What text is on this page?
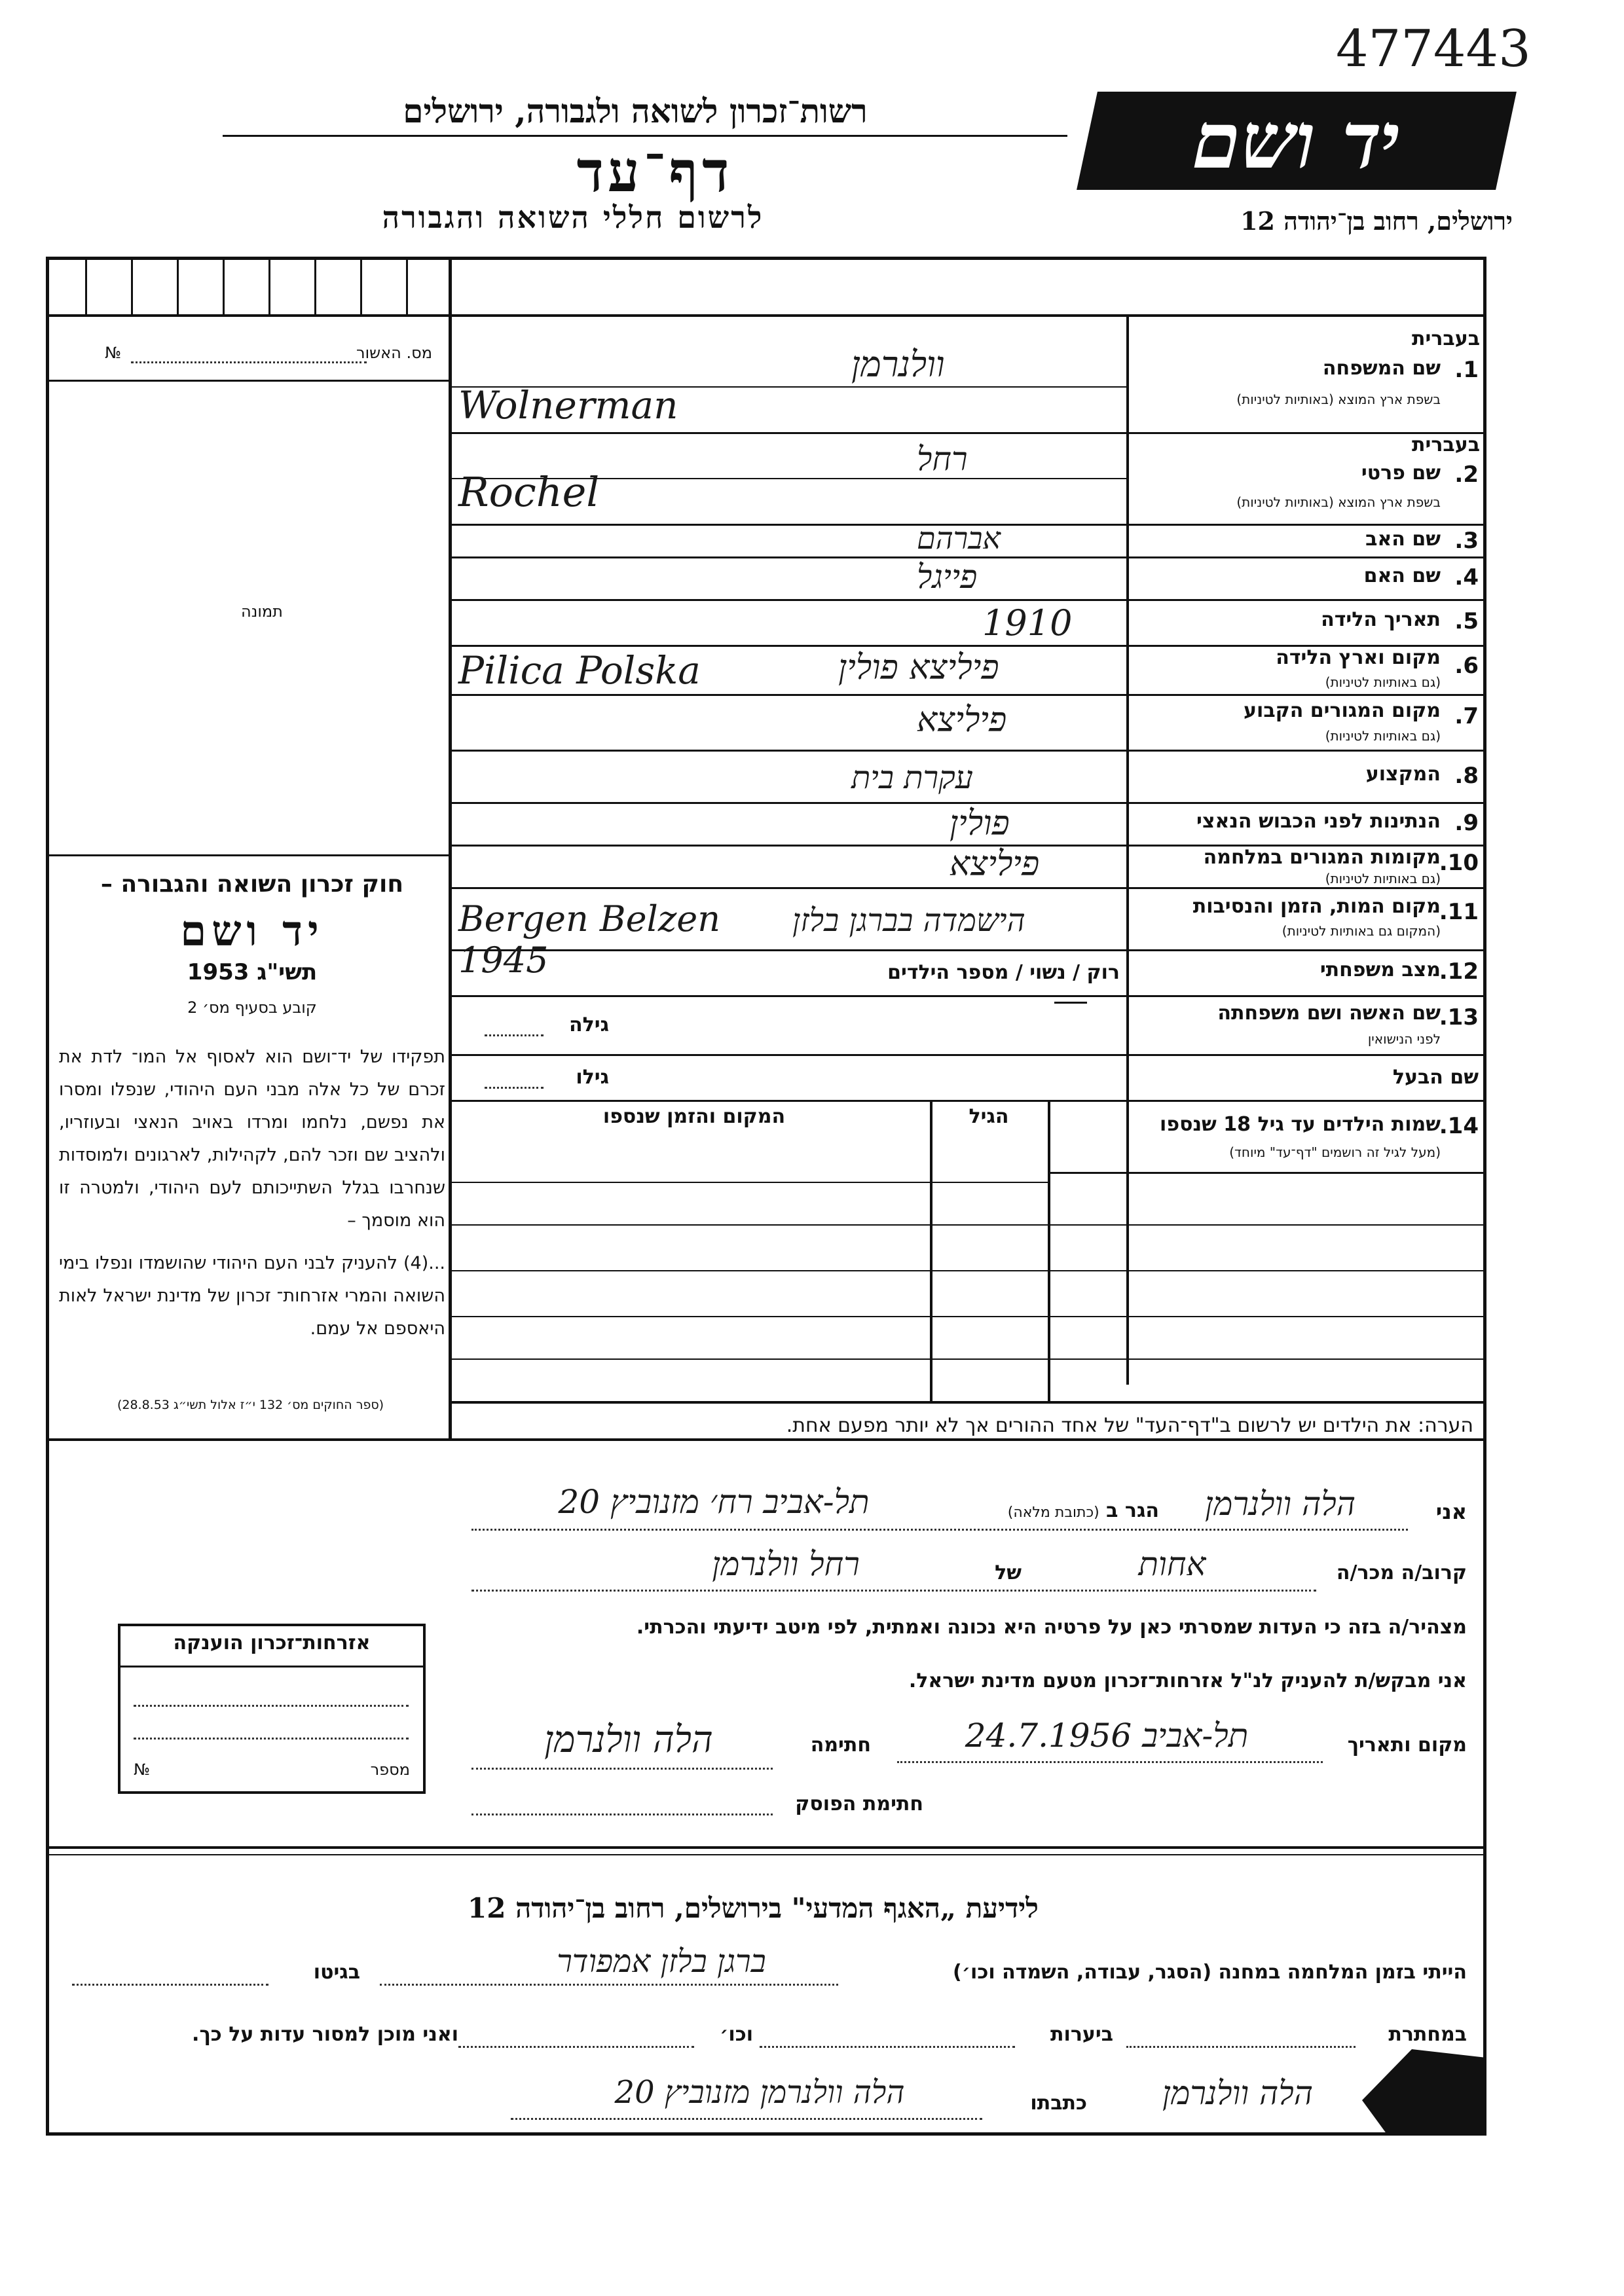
477443
יד ושם
רשות־זכרון לשואה ולגבורה, ירושלים
דף־עד
לרשום חללי השואה והגבורה	ירושלים, רחוב בן־יהודה 12
מס. האשור
№
תמונה
חוק זכרון השואה והגבורה –
יד ושם
תשי"ג 1953
קובע בסעיף מס׳ 2
תפקידו של יד־ושם הוא לאסוף אל המו־ לדת את זכרם של כל אלה מבני העם היהודי, שנפלו ומסרו את נפשם, נלחמו ומרדו באויב הנאצי ובעוזריו, ולהציב שם וזכר להם, לקהילות, לארגונים ולמוסדות שנחרבו בגלל השתייכותם לעם היהודי, ולמטרה זו הוא מוסמך –
...(4) להעניק לבני העם היהודי שהושמדו ונפלו בימי השואה והמרי אזרחות־ זכרון של מדינת ישראל לאות היאספם אל עמם.
(ספר החוקים מס׳ 132 י״ז אלול תשי״ג 28.8.53)
בעברית
1.
שם המשפחה
בשפת ארץ המוצא (באותיות לטיניות)
וולנרמן
Wolnerman
בעברית
2.
שם פרטי
בשפת ארץ המוצא (באותיות לטיניות)
רחל
Rochel
3.
שם האב
אברהם
4.
שם האם
פייגל
5.
תאריך הלידה
1910
6.
מקום וארץ הלידה
(גם באותיות לטיניות)
פיליצא פולין
Pilica Polska
7.
מקום המגורים הקבוע
(גם באותיות לטיניות)
פיליצא
8.
המקצוע
עקרת בית
9.
הנתינות לפני הכבוש הנאצי
פולין
10.
מקומות המגורים במלחמה
(גם באותיות לטיניות)
פיליצא
11.
מקום המות, הזמן והנסיבות
(המקום גם באותיות לטיניות)
הישמדה בברגן בלזן
Bergen Belzen 1945	12.
מצב משפחתי
רוק / נשוי / מספר הילדים
13.
שם האשה ושם משפחתה
לפני הנישואין
גילה
שם הבעל
גילו
14.
שמות הילדים עד גיל 18 שנספו
(מעל לגיל זה רושמים "דף־עד" מיוחד)
הגיל
המקום והזמן שנספו
הערה: את הילדים יש לרשום ב"דף־העד" של אחד ההורים אך לא יותר מפעם אחת.
אני
הלה וולנרמן
הגר ב (כתובת מלאה)
תל-אביב רח׳ מזנוביץ 20
קרוב/ה מכר/ה
אחות
של
רחל וולנרמן
מצהיר/ה בזה כי העדות שמסרתי כאן על פרטיה היא נכונה ואמתית, לפי מיטב ידיעתי והכרתי.
אני מבקש/ת להעניק לנ"ל אזרחות־זכרון מטעם מדינת ישראל.
מקום ותאריך
תל-אביב 24.7.1956
חתימה
הלה וולנרמן
חתימת הפוסק
אזרחות־זכרון הוענקה
מספר
№
לידיעת „האגף המדעי" בירושלים, רחוב בן־יהודה 12
הייתי בזמן המלחמה במחנה (הסגר, עבודה, השמדה וכו׳)
ברגן בלזן אמפודר
בגיטו
במחתרת
ביערות
וכו׳
ואני מוכן למסור עדות על כך.
הלה וולנרמן
כתבתו
הלה וולנרמן מזנוביץ 20
